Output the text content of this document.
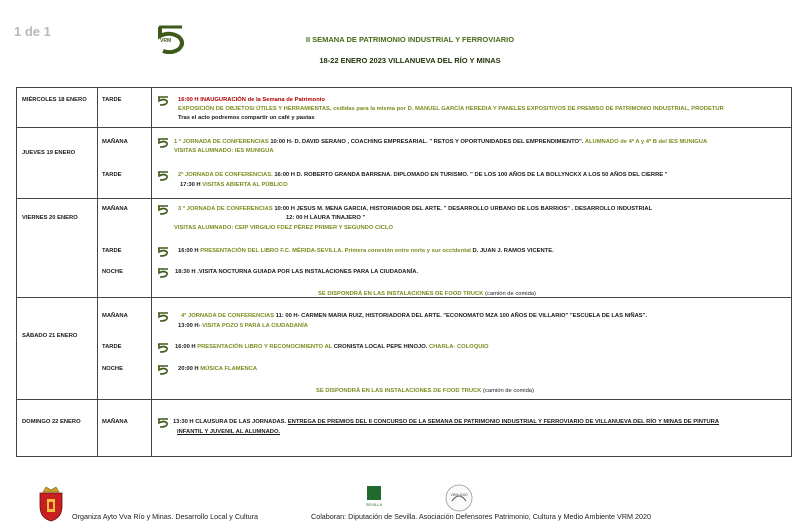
1 de 1
VRM	II SEMANA DE PATRIMONIO INDUSTRIAL Y FERROVIARIO
18-22 ENERO 2023 VILLANUEVA DEL RÍO Y MINAS
MIÉRCOLES 18 ENERO	TARDE	16:00 H INAUGURACIÓN de la Semana de Patrimonio
EXPOSICIÓN DE OBJETOS/ ÚTILES Y HERRAMIENTAS, cedidas para la misma por D. MANUEL GARCÍA HEREDIA Y PANELES EXPOSITIVOS DE PREMISO DE PATRIMONIO INDUSTRIAL, PRODETUR
Tras el acto podremos compartir un café y pastas
JUEVES 19 ENERO
MAÑANA	1 ª JORNADA DE CONFERENCIAS 10:00 H- D. DAVID SERANO , COACHING EMPRESARIAL. " RETOS Y OPORTUNIDADES DEL EMPRENDIMIENTO". ALUMNADO de 4º A y 4º B del IES MUNIGUA
VISITAS ALUMNADO: IES MUNIGUA
TARDE	2ª JORNADA DE CONFERENCIAS. 16:00 H D. ROBERTO GRANDA BARRENA. DIPLOMADO EN TURISMO. " DE LOS 100 AÑOS DE LA BOLLYNCKX A LOS 50 AÑOS DEL CIERRE "
17:30 H VISITAS ABIERTA AL PÚBLICO
VIERNES 20 ENERO
MAÑANA	3 ª JORNADA DE CONFERENCIAS 10:00 H JESUS M. MENA GARCIA, HISTORIADOR DEL ARTE. " DESARROLLO URBANO DE LOS BARRIOS" . DESARROLLO INDUSTRIAL
12: 00 H LAURA TINAJERO "
VISITAS ALUMNADO: CEIP VIRGILIO FDEZ PÉREZ PRIMER Y SEGUNDO CICLO
TARDE	16:00 H PRESENTACIÓN DEL LIBRO F.C. MÉRIDA-SEVILLA. Primera conexión entre norte y sur occidental D. JUAN J. RAMOS VICENTE.
NOCHE	18:30 H .VISITA NOCTURNA GUIADA POR LAS INSTALACIONES PARA LA CIUDADANÍA.
SE DISPONDRÁ EN LAS INSTALACIONES DE FOOD TRUCK (camión de comida)
SÁBADO 21 ENERO
MAÑANA	4ª JORNADA DE CONFERENCIAS 11: 00 H- CARMEN MARIA RUIZ, HISTORIADORA DEL ARTE. "ECONOMATO MZA 100 AÑOS DE VILLARIO" "ESCUELA DE LAS NIÑAS".
13:00 H- VISITA POZO 5 PARA LA CIUDADANÍA
TARDE	16:00 H PRESENTACIÓN LIBRO Y RECONOCIMIENTO AL CRONISTA LOCAL PEPE HINOJO. CHARLA- COLOQUIO
NOCHE	20:00 H MÚSICA FLAMENCA
SE DISPONDRÁ EN LAS INSTALACIONES DE FOOD TRUCK (camión de comida)
DOMINGO 22 ENERO	MAÑANA	13:30 H CLAUSURA DE LAS JORNADAS. ENTREGA DE PREMIOS DEL II CONCURSO DE LA SEMANA DE PATRIMONIO INDUSTRIAL Y FERROVIARIO DE VILLANUEVA DEL RÍO Y MINAS DE PINTURA
INFANTIL Y JUVENIL AL ALUMNADO.
Organiza Ayto Vva Río y Minas. Desarrollo Local y Cultura
SEVILLA
VRM 2020
Colaboran: Diputación de Sevilla. Asociación Defensores Patrimonio, Cultura y Medio Ambiente VRM 2020
